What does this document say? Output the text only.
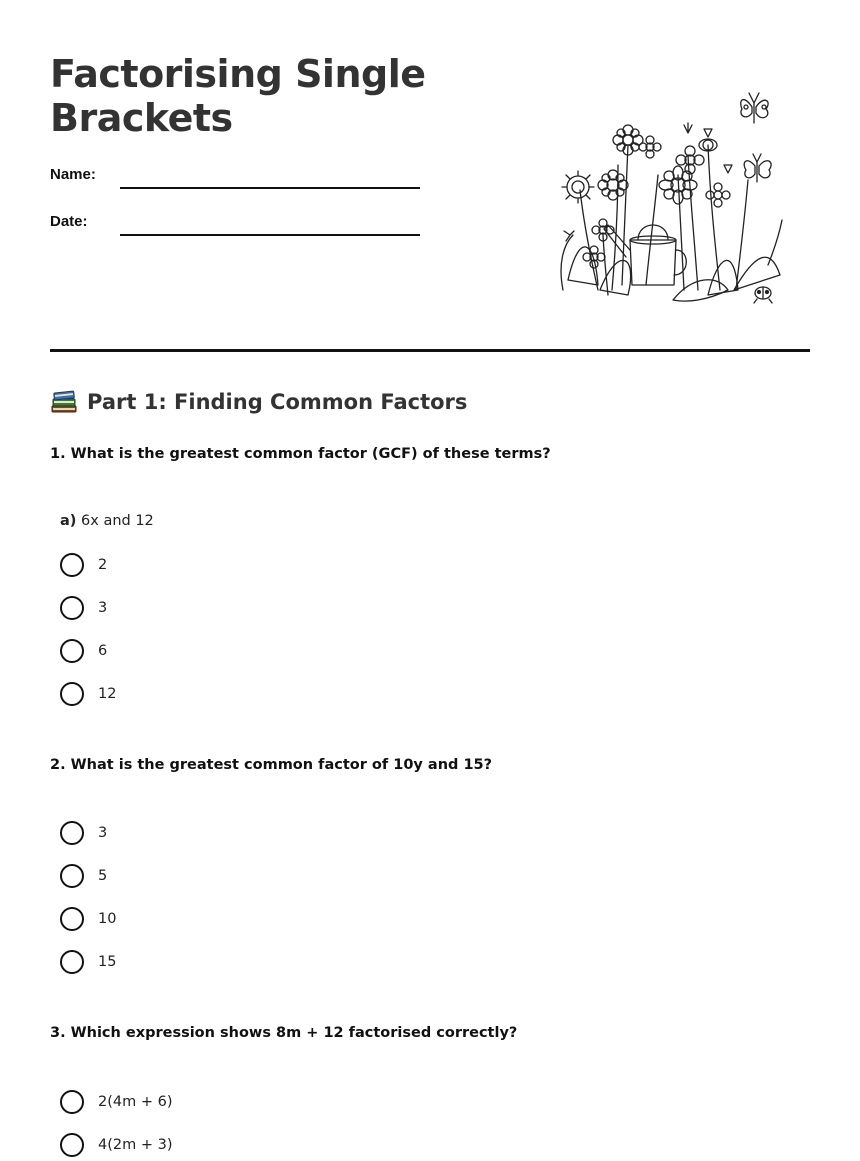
Factorising Single
Brackets
Name:
Date:
Part 1: Finding Common Factors
1. What is the greatest common factor (GCF) of these terms?
a) 6x and 12
2
3
6
12
2. What is the greatest common factor of 10y and 15?
3
5
10
15
3. Which expression shows 8m + 12 factorised correctly?
2(4m + 6)
4(2m + 3)
